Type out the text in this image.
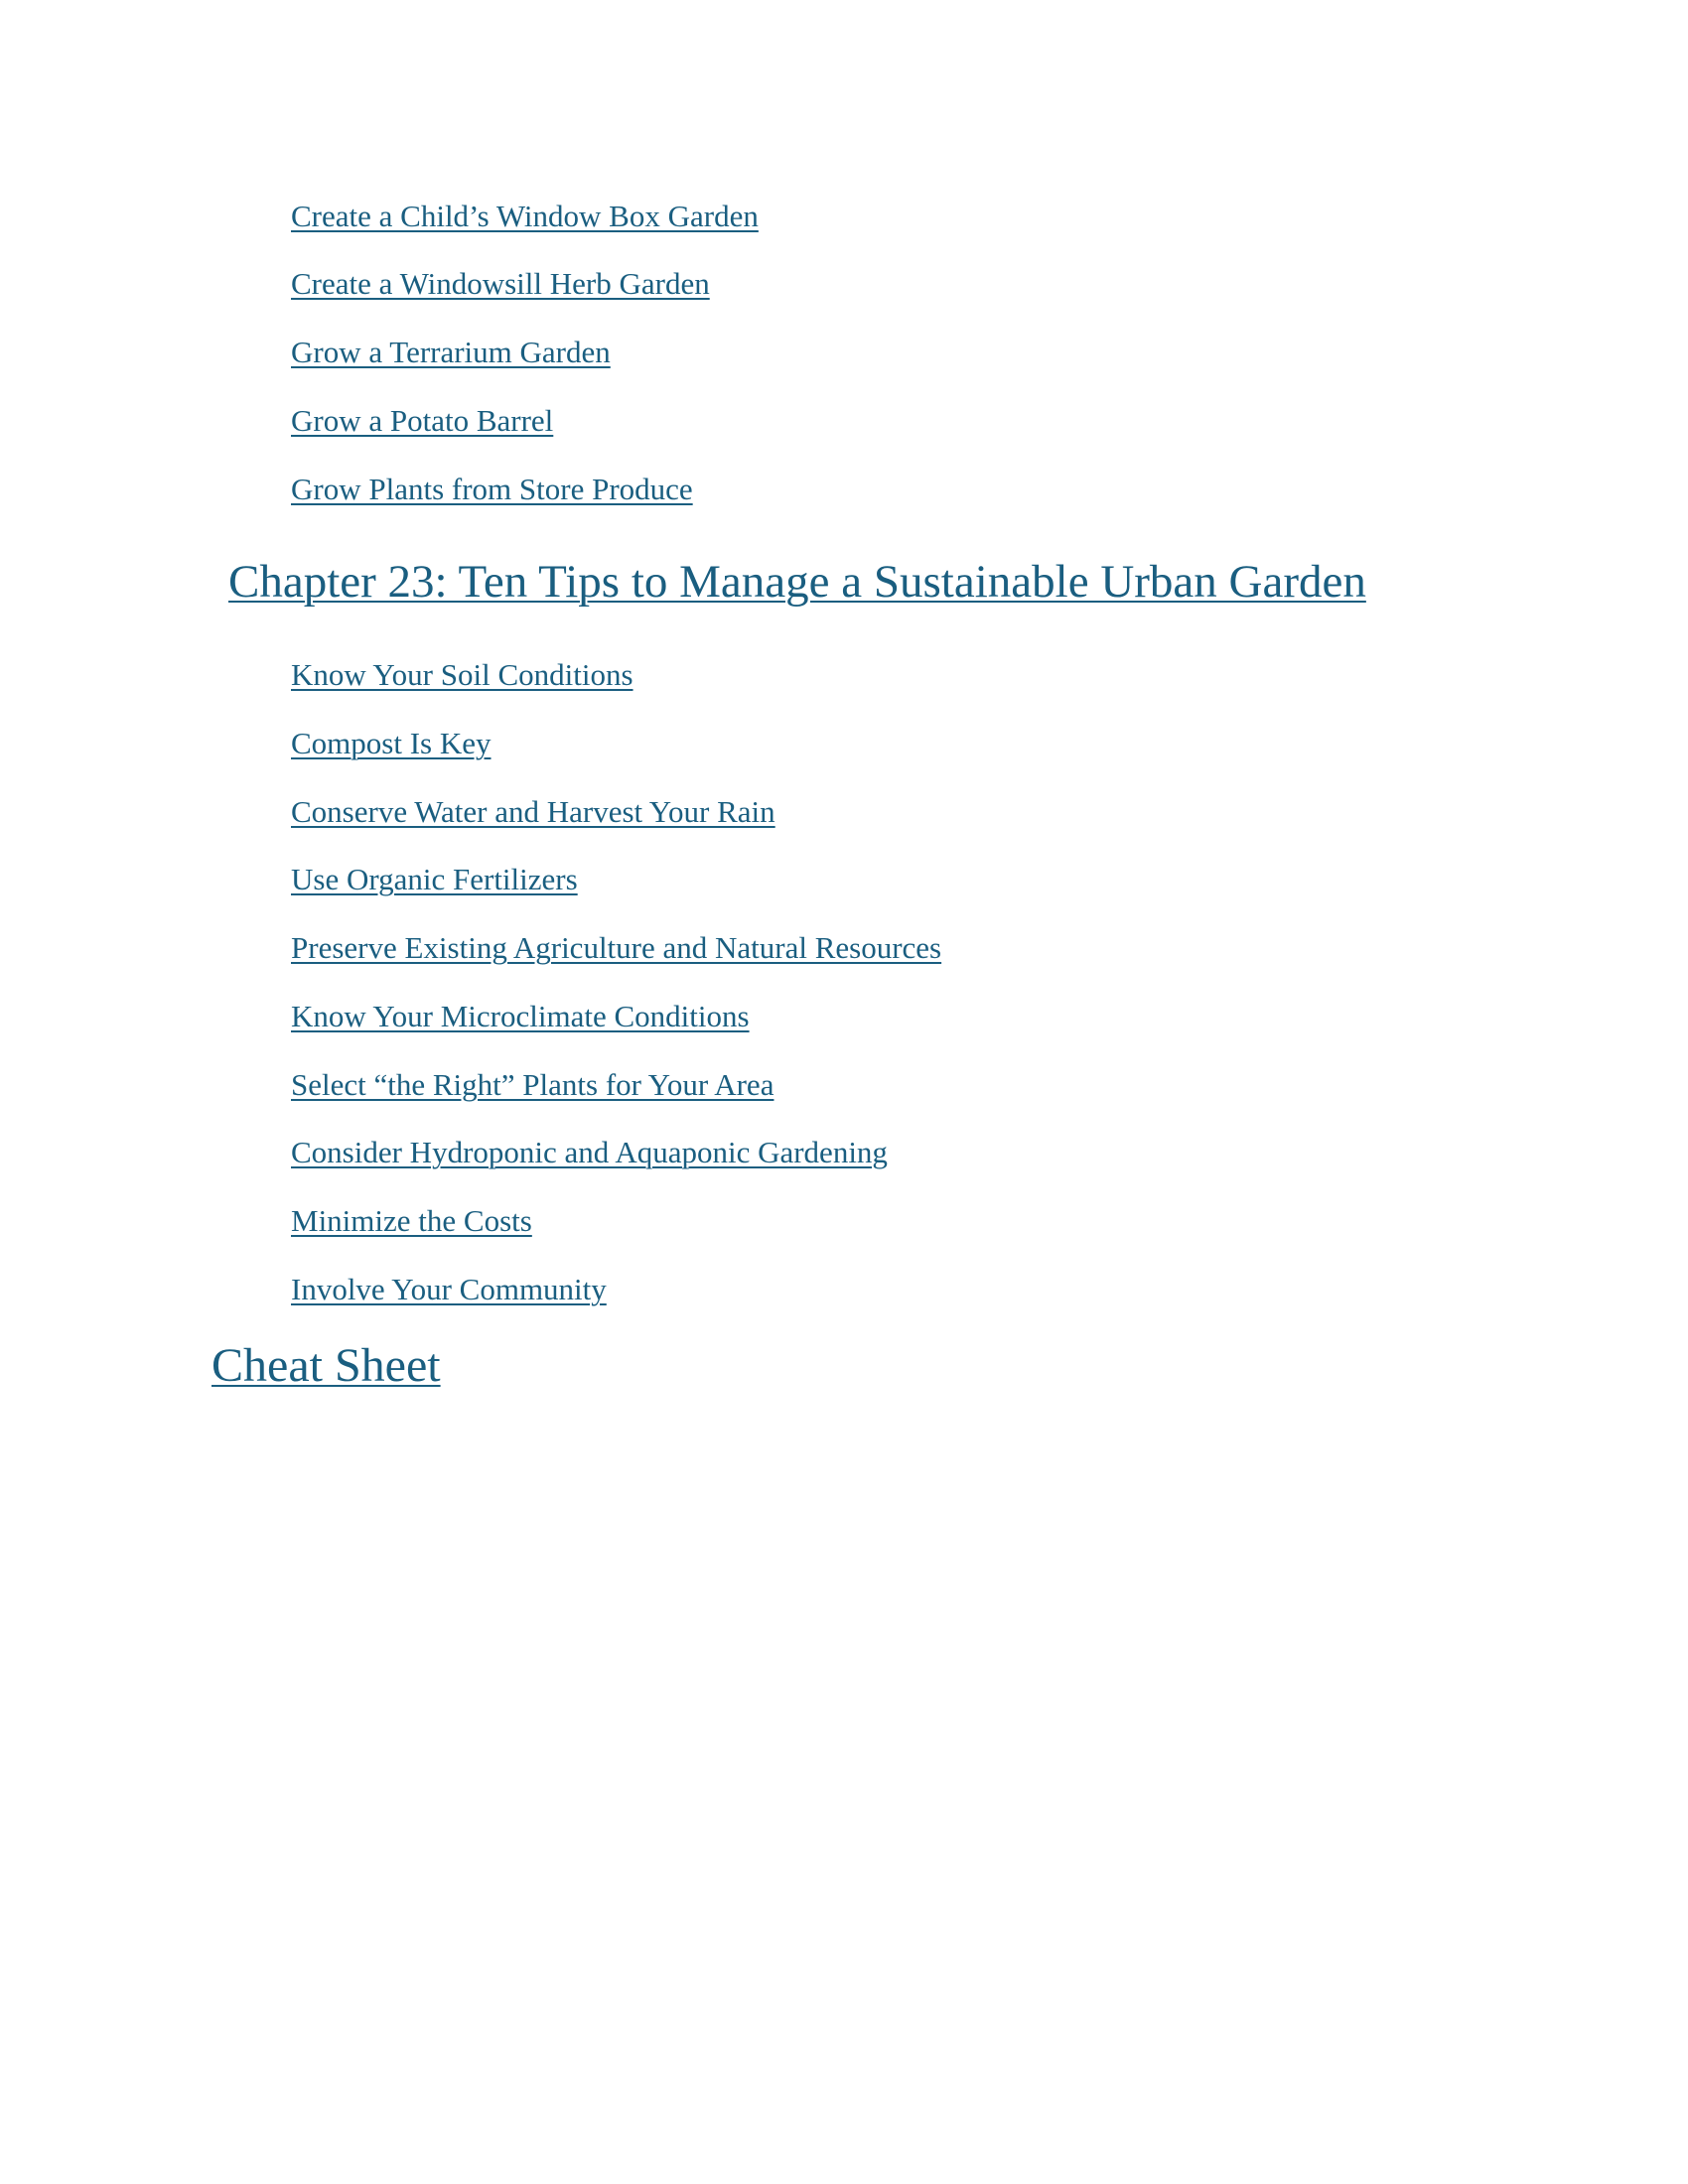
Create a Child’s Window Box Garden
Create a Windowsill Herb Garden
Grow a Terrarium Garden
Grow a Potato Barrel
Grow Plants from Store Produce
Chapter 23: Ten Tips to Manage a Sustainable Urban Garden
Know Your Soil Conditions
Compost Is Key
Conserve Water and Harvest Your Rain
Use Organic Fertilizers
Preserve Existing Agriculture and Natural Resources
Know Your Microclimate Conditions
Select “the Right” Plants for Your Area
Consider Hydroponic and Aquaponic Gardening
Minimize the Costs
Involve Your Community
Cheat Sheet
